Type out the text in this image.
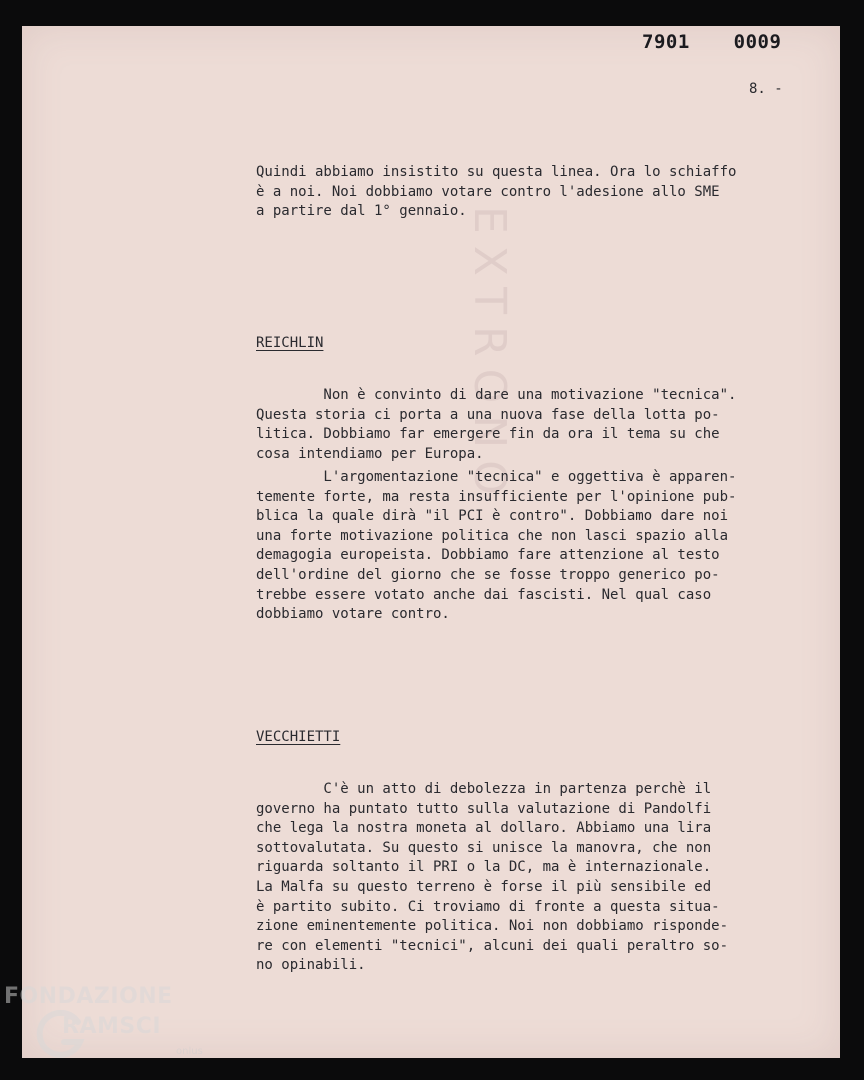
EXTRONO
7901  0009
8. -
Quindi abbiamo insistito su questa linea. Ora lo schiaffo
è a noi. Noi dobbiamo votare contro l'adesione allo SME
a partire dal 1° gennaio.
REICHLIN
Non è convinto di dare una motivazione "tecnica".
Questa storia ci porta a una nuova fase della lotta po-
litica. Dobbiamo far emergere fin da ora il tema su che
cosa intendiamo per Europa.
L'argomentazione "tecnica" e oggettiva è apparen-
temente forte, ma resta insufficiente per l'opinione pub-
blica la quale dirà "il PCI è contro". Dobbiamo dare noi
una forte motivazione politica che non lasci spazio alla
demagogia europeista. Dobbiamo fare attenzione al testo
dell'ordine del giorno che se fosse troppo generico po-
trebbe essere votato anche dai fascisti. Nel qual caso
dobbiamo votare contro.
VECCHIETTI
C'è un atto di debolezza in partenza perchè il
governo ha puntato tutto sulla valutazione di Pandolfi
che lega la nostra moneta al dollaro. Abbiamo una lira
sottovalutata. Su questo si unisce la manovra, che non
riguarda soltanto il PRI o la DC, ma è internazionale.
La Malfa su questo terreno è forse il più sensibile ed
è partito subito. Ci troviamo di fronte a questa situa-
zione eminentemente politica. Noi non dobbiamo risponde-
re con elementi "tecnici", alcuni dei quali peraltro so-
no opinabili.
FONDAZIONE
RAMSCI
onlus
